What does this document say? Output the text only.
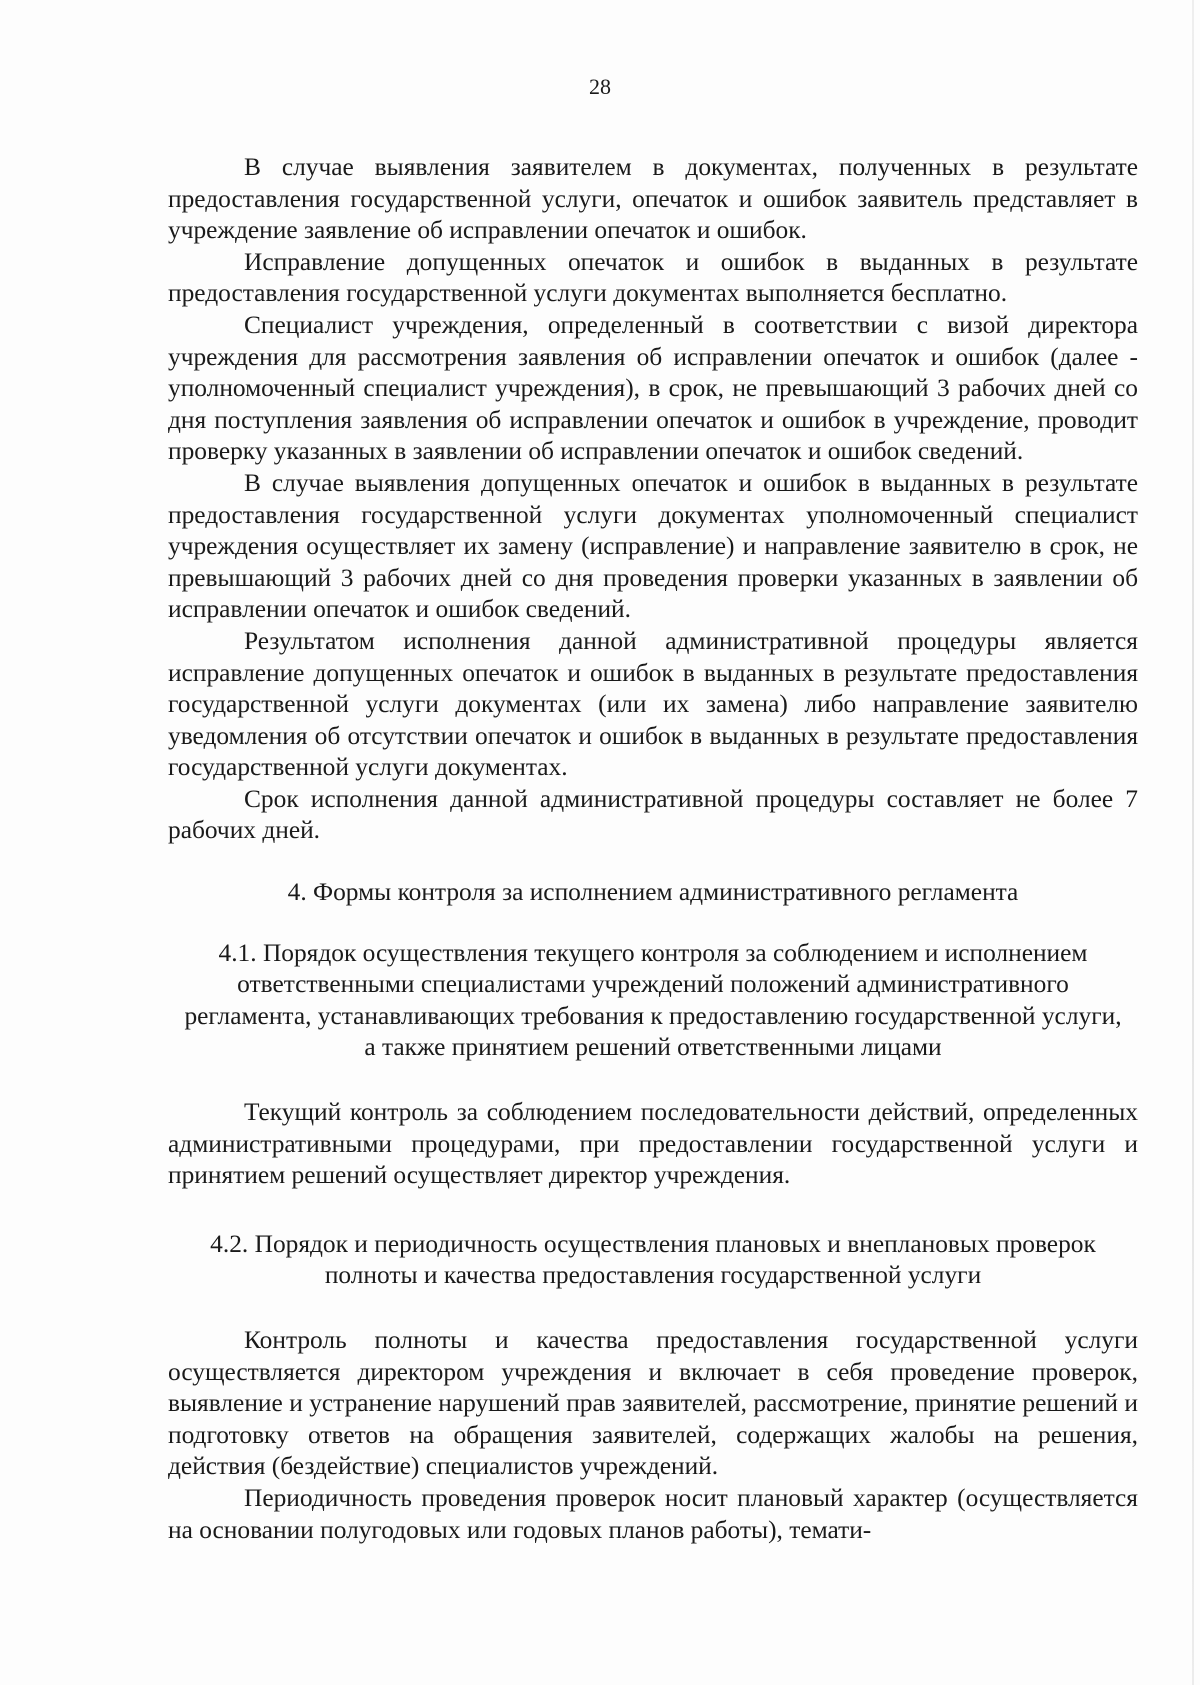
28

В случае выявления заявителем в документах, полученных в результате предоставления государственной услуги, опечаток и ошибок заявитель представляет в учреждение заявление об исправлении опечаток и ошибок.

Исправление допущенных опечаток и ошибок в выданных в результате предоставления государственной услуги документах выполняется бесплатно.

Специалист учреждения, определенный в соответствии с визой директора учреждения для рассмотрения заявления об исправлении опечаток и ошибок (далее - уполномоченный специалист учреждения), в срок, не превышающий 3 рабочих дней со дня поступления заявления об исправлении опечаток и ошибок в учреждение, проводит проверку указанных в заявлении об исправлении опечаток и ошибок сведений.

В случае выявления допущенных опечаток и ошибок в выданных в результате предоставления государственной услуги документах уполномоченный специалист учреждения осуществляет их замену (исправление) и направление заявителю в срок, не превышающий 3 рабочих дней со дня проведения проверки указанных в заявлении об исправлении опечаток и ошибок сведений.

Результатом исполнения данной административной процедуры является исправление допущенных опечаток и ошибок в выданных в результате предоставления государственной услуги документах (или их замена) либо направление заявителю уведомления об отсутствии опечаток и ошибок в выданных в результате предоставления государственной услуги документах.

Срок исполнения данной административной процедуры составляет не более 7 рабочих дней.

4. Формы контроля за исполнением административного регламента
4.1. Порядок осуществления текущего контроля за соблюдением и исполнением ответственными специалистами учреждений положений административного регламента, устанавливающих требования к предоставлению государственной услуги, а также принятием решений ответственными лицами

Текущий контроль за соблюдением последовательности действий, определенных административными процедурами, при предоставлении государственной услуги и принятием решений осуществляет директор учреждения.

4.2. Порядок и периодичность осуществления плановых и внеплановых проверок полноты и качества предоставления государственной услуги

Контроль полноты и качества предоставления государственной услуги осуществляется директором учреждения и включает в себя проведение проверок, выявление и устранение нарушений прав заявителей, рассмотрение, принятие решений и подготовку ответов на обращения заявителей, содержащих жалобы на решения, действия (бездействие) специалистов учреждений.

Периодичность проведения проверок носит плановый характер (осуществляется на основании полугодовых или годовых планов работы), темати-
